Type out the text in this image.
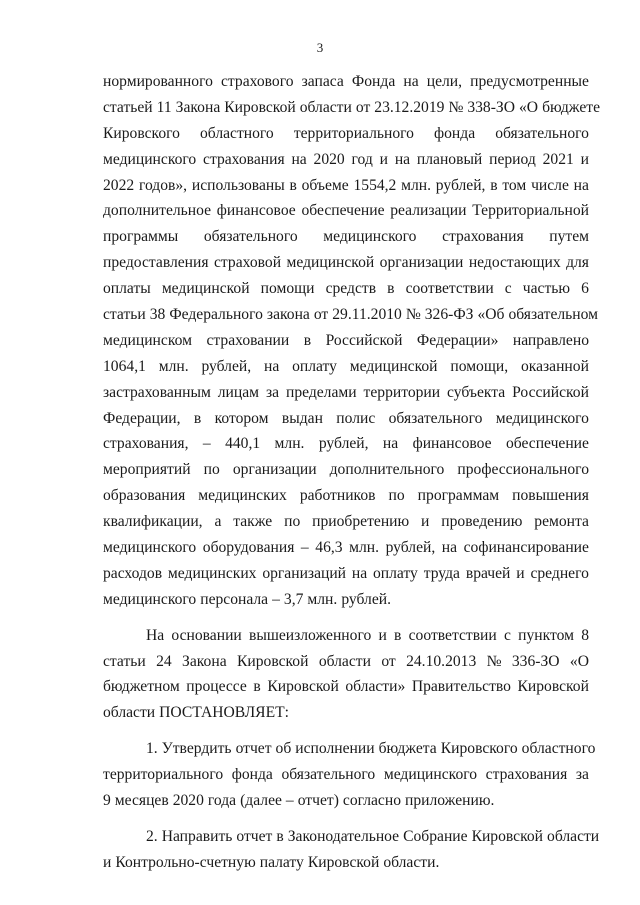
3
нормированного страхового запаса Фонда на цели, предусмотренные
статьей 11 Закона Кировской области от 23.12.2019 № 338-ЗО «О бюджете
Кировского областного территориального фонда обязательного
медицинского страхования на 2020 год и на плановый период 2021 и
2022 годов», использованы в объеме 1554,2 млн. рублей, в том числе на
дополнительное финансовое обеспечение реализации Территориальной
программы обязательного медицинского страхования путем
предоставления страховой медицинской организации недостающих для
оплаты медицинской помощи средств в соответствии с частью 6
статьи 38 Федерального закона от 29.11.2010 № 326-ФЗ «Об обязательном
медицинском страховании в Российской Федерации» направлено
1064,1 млн. рублей, на оплату медицинской помощи, оказанной
застрахованным лицам за пределами территории субъекта Российской
Федерации, в котором выдан полис обязательного медицинского
страхования, – 440,1 млн. рублей, на финансовое обеспечение
мероприятий по организации дополнительного профессионального
образования медицинских работников по программам повышения
квалификации, а также по приобретению и проведению ремонта
медицинского оборудования – 46,3 млн. рублей, на софинансирование
расходов медицинских организаций на оплату труда врачей и среднего
медицинского персонала – 3,7 млн. рублей.
На основании вышеизложенного и в соответствии с пунктом 8
статьи 24 Закона Кировской области от 24.10.2013 № 336-ЗО «О
бюджетном процессе в Кировской области» Правительство Кировской
области ПОСТАНОВЛЯЕТ:
1. Утвердить отчет об исполнении бюджета Кировского областного
территориального фонда обязательного медицинского страхования за
9 месяцев 2020 года (далее – отчет) согласно приложению.
2. Направить отчет в Законодательное Собрание Кировской области
и Контрольно-счетную палату Кировской области.
